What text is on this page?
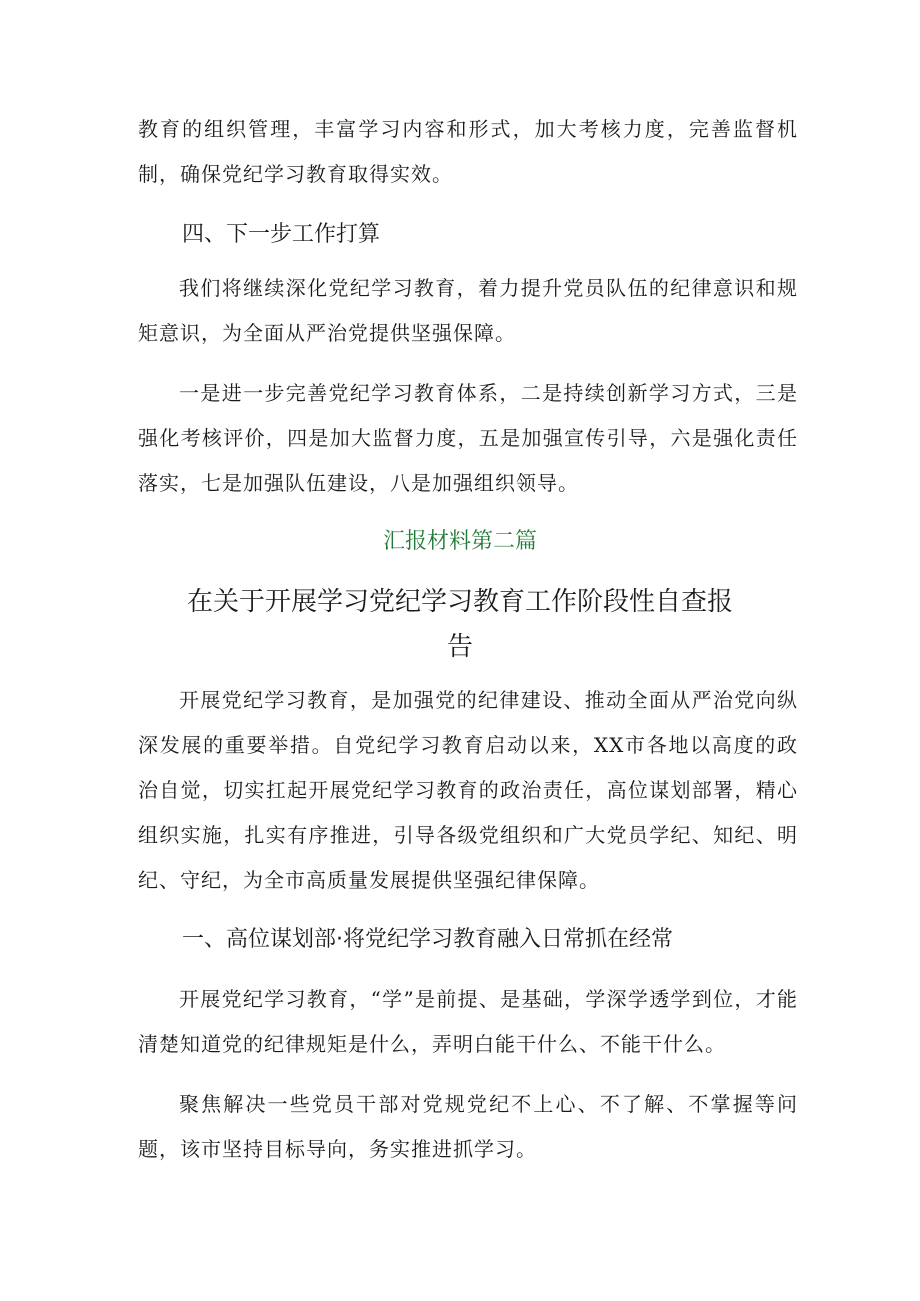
教育的组织管理，丰富学习内容和形式，加大考核力度，完善监督机制，确保党纪学习教育取得实效。

四、下一步工作打算

我们将继续深化党纪学习教育，着力提升党员队伍的纪律意识和规矩意识，为全面从严治党提供坚强保障。

一是进一步完善党纪学习教育体系，二是持续创新学习方式，三是强化考核评价，四是加大监督力度，五是加强宣传引导，六是强化责任落实，七是加强队伍建设，八是加强组织领导。

汇报材料第二篇
在关于开展学习党纪学习教育工作阶段性自查报告

开展党纪学习教育，是加强党的纪律建设、推动全面从严治党向纵深发展的重要举措。自党纪学习教育启动以来，XX市各地以高度的政治自觉，切实扛起开展党纪学习教育的政治责任，高位谋划部署，精心组织实施，扎实有序推进，引导各级党组织和广大党员学纪、知纪、明纪、守纪，为全市高质量发展提供坚强纪律保障。

一、高位谋划部·将党纪学习教育融入日常抓在经常

开展党纪学习教育，“学”是前提、是基础，学深学透学到位，才能清楚知道党的纪律规矩是什么，弄明白能干什么、不能干什么。

聚焦解决一些党员干部对党规党纪不上心、不了解、不掌握等问题，该市坚持目标导向，务实推进抓学习。
